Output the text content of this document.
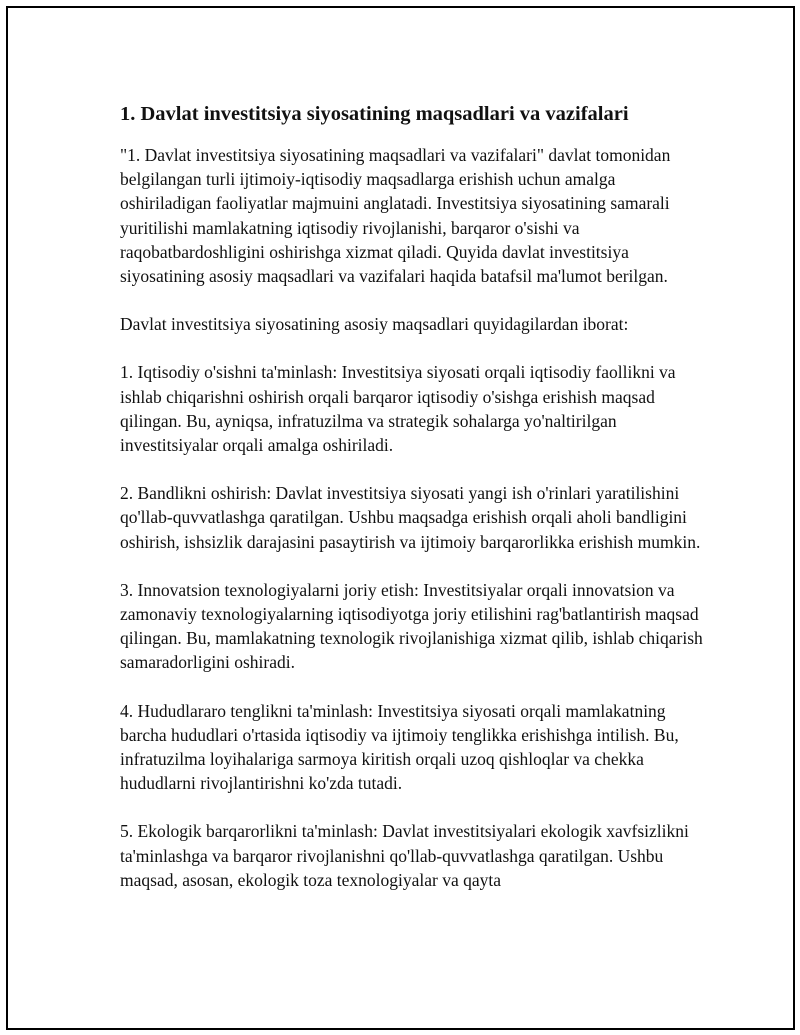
1. Davlat investitsiya siyosatining maqsadlari va vazifalari

"1. Davlat investitsiya siyosatining maqsadlari va vazifalari" davlat tomonidan belgilangan turli ijtimoiy-iqtisodiy maqsadlarga erishish uchun amalga oshiriladigan faoliyatlar majmuini anglatadi. Investitsiya siyosatining samarali yuritilishi mamlakatning iqtisodiy rivojlanishi, barqaror o'sishi va raqobatbardoshligini oshirishga xizmat qiladi. Quyida davlat investitsiya siyosatining asosiy maqsadlari va vazifalari haqida batafsil ma'lumot berilgan.

Davlat investitsiya siyosatining asosiy maqsadlari quyidagilardan iborat:

1. Iqtisodiy o'sishni ta'minlash: Investitsiya siyosati orqali iqtisodiy faollikni va ishlab chiqarishni oshirish orqali barqaror iqtisodiy o'sishga erishish maqsad qilingan. Bu, ayniqsa, infratuzilma va strategik sohalarga yo'naltirilgan investitsiyalar orqali amalga oshiriladi.

2. Bandlikni oshirish: Davlat investitsiya siyosati yangi ish o'rinlari yaratilishini qo'llab-quvvatlashga qaratilgan. Ushbu maqsadga erishish orqali aholi bandligini oshirish, ishsizlik darajasini pasaytirish va ijtimoiy barqarorlikka erishish mumkin.

3. Innovatsion texnologiyalarni joriy etish: Investitsiyalar orqali innovatsion va zamonaviy texnologiyalarning iqtisodiyotga joriy etilishini rag'batlantirish maqsad qilingan. Bu, mamlakatning texnologik rivojlanishiga xizmat qilib, ishlab chiqarish samaradorligini oshiradi.

4. Hududlararo tenglikni ta'minlash: Investitsiya siyosati orqali mamlakatning barcha hududlari o'rtasida iqtisodiy va ijtimoiy tenglikka erishishga intilish. Bu, infratuzilma loyihalariga sarmoya kiritish orqali uzoq qishloqlar va chekka hududlarni rivojlantirishni ko'zda tutadi.

5. Ekologik barqarorlikni ta'minlash: Davlat investitsiyalari ekologik xavfsizlikni ta'minlashga va barqaror rivojlanishni qo'llab-quvvatlashga qaratilgan. Ushbu maqsad, asosan, ekologik toza texnologiyalar va qayta
